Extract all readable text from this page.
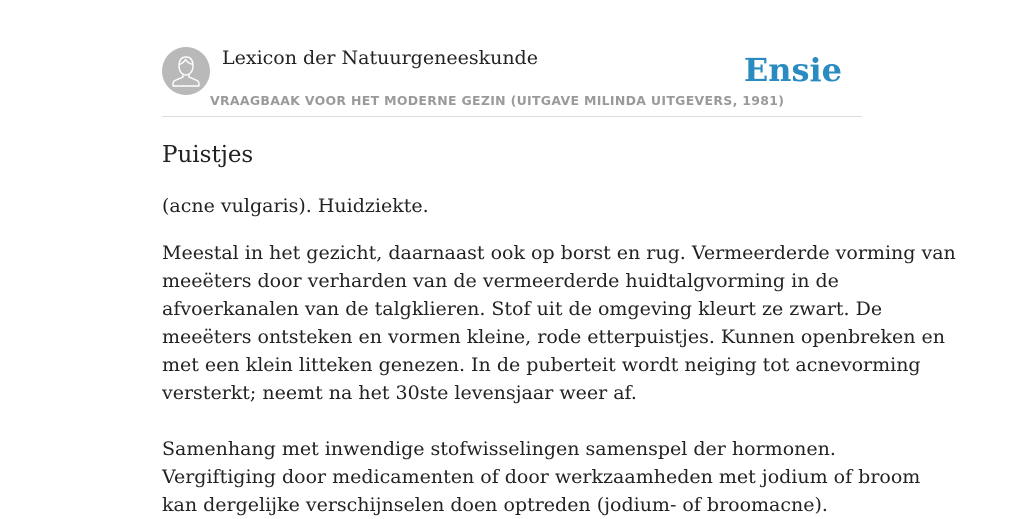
Lexicon der Natuurgeneeskunde
VRAAGBAAK VOOR HET MODERNE GEZIN (UITGAVE MILINDA UITGEVERS, 1981)
Ensie
Puistjes

(acne vulgaris). Huidziekte.

Meestal in het gezicht, daarnaast ook op borst en rug. Vermeerderde vorming van
meeëters door verharden van de vermeerderde huidtalgvorming in de
afvoerkanalen van de talgklieren. Stof uit de omgeving kleurt ze zwart. De
meeëters ontsteken en vormen kleine, rode etterpuistjes. Kunnen openbreken en
met een klein litteken genezen. In de puberteit wordt neiging tot acnevorming
versterkt; neemt na het 30ste levensjaar weer af.
Samenhang met inwendige stofwisselingen samenspel der hormonen.
Vergiftiging door medicamenten of door werkzaamheden met jodium of broom
kan dergelijke verschijnselen doen optreden (jodium- of broomacne).
